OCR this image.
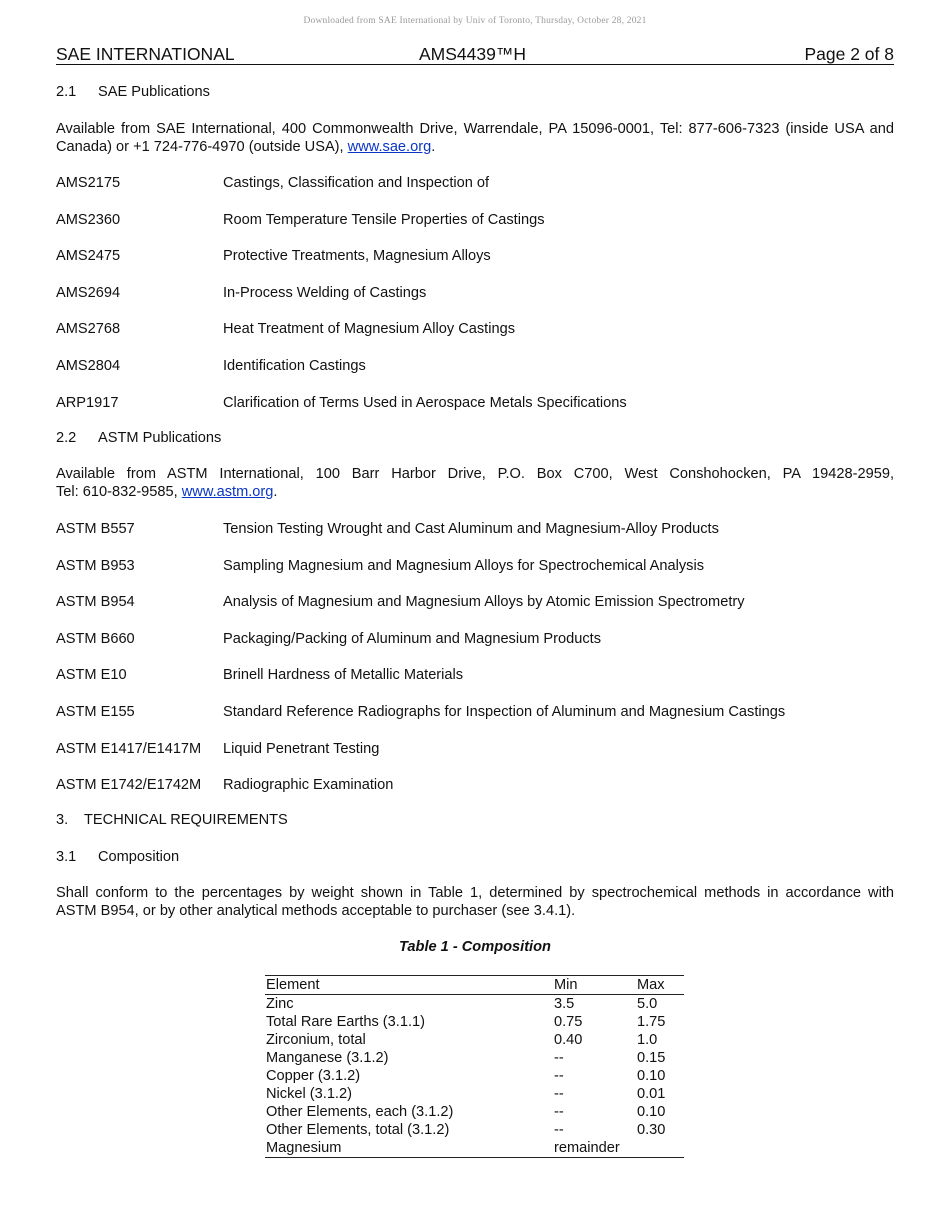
Downloaded from SAE International by Univ of Toronto, Thursday, October 28, 2021
SAE INTERNATIONAL	AMS4439™H	Page 2 of 8
2.1 SAE Publications
Available from SAE International, 400 Commonwealth Drive, Warrendale, PA 15096-0001, Tel: 877-606-7323 (inside USA and Canada) or +1 724-776-4970 (outside USA), www.sae.org.
AMS2175	Castings, Classification and Inspection of
AMS2360	Room Temperature Tensile Properties of Castings
AMS2475	Protective Treatments, Magnesium Alloys
AMS2694	In-Process Welding of Castings
AMS2768	Heat Treatment of Magnesium Alloy Castings
AMS2804	Identification Castings
ARP1917	Clarification of Terms Used in Aerospace Metals Specifications
2.2 ASTM Publications
Available from ASTM International, 100 Barr Harbor Drive, P.O. Box C700, West Conshohocken, PA 19428-2959,
Tel: 610-832-9585, www.astm.org.
ASTM B557	Tension Testing Wrought and Cast Aluminum and Magnesium-Alloy Products
ASTM B953	Sampling Magnesium and Magnesium Alloys for Spectrochemical Analysis
ASTM B954	Analysis of Magnesium and Magnesium Alloys by Atomic Emission Spectrometry
ASTM B660	Packaging/Packing of Aluminum and Magnesium Products
ASTM E10	Brinell Hardness of Metallic Materials
ASTM E155	Standard Reference Radiographs for Inspection of Aluminum and Magnesium Castings
ASTM E1417/E1417M Liquid Penetrant Testing
ASTM E1742/E1742M Radiographic Examination
3. TECHNICAL REQUIREMENTS
3.1 Composition
Shall conform to the percentages by weight shown in Table 1, determined by spectrochemical methods in accordance with
ASTM B954, or by other analytical methods acceptable to purchaser (see 3.4.1).
Table 1 - Composition
Element	Min	Max
Zinc	3.5	5.0
Total Rare Earths (3.1.1)	0.75	1.75
Zirconium, total	0.40	1.0
Manganese (3.1.2)	--	0.15
Copper (3.1.2)	--	0.10
Nickel (3.1.2)	--	0.01
Other Elements, each (3.1.2)	--	0.10
Other Elements, total (3.1.2)	--	0.30
Magnesium	remainder
